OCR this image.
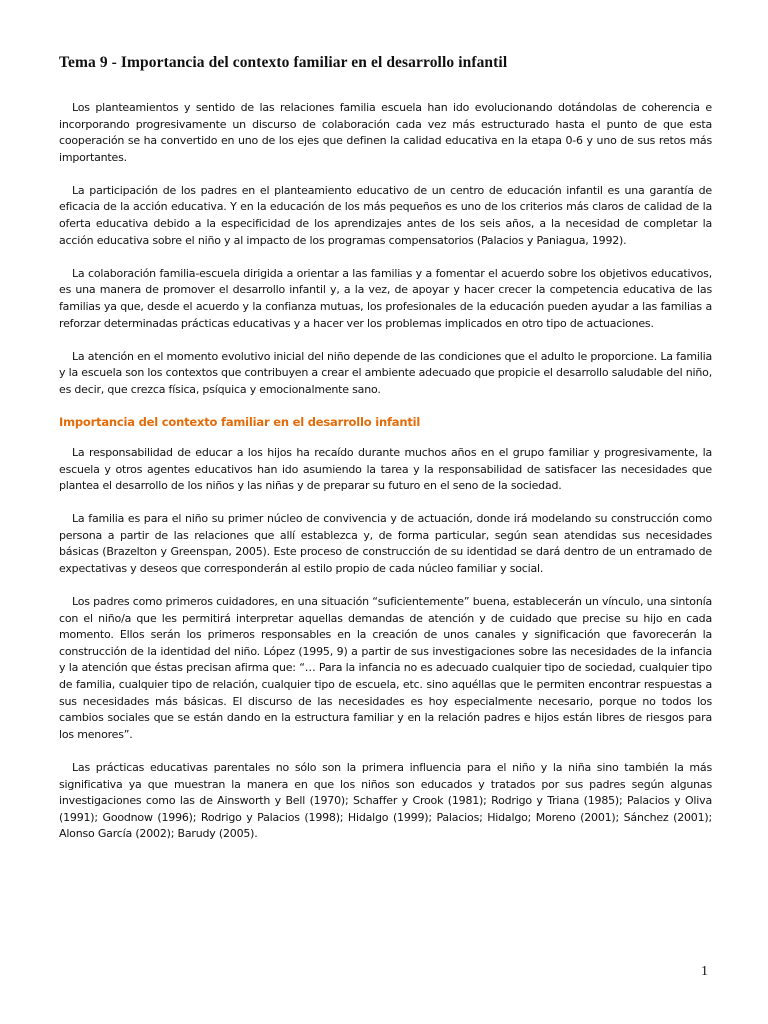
Tema 9 - Importancia del contexto familiar en el desarrollo infantil

Los planteamientos y sentido de las relaciones familia escuela han ido evolucionando dotándolas de coherencia e incorporando progresivamente un discurso de colaboración cada vez más estructurado hasta el punto de que esta cooperación se ha convertido en uno de los ejes que definen la calidad educativa en la etapa 0-6 y uno de sus retos más importantes.

La participación de los padres en el planteamiento educativo de un centro de educación infantil es una garantía de eficacia de la acción educativa. Y en la educación de los más pequeños es uno de los criterios más claros de calidad de la oferta educativa debido a la especificidad de los aprendizajes antes de los seis años, a la necesidad de completar la acción educativa sobre el niño y al impacto de los programas compensatorios (Palacios y Paniagua, 1992).

La colaboración familia-escuela dirigida a orientar a las familias y a fomentar el acuerdo sobre los objetivos educativos, es una manera de promover el desarrollo infantil y, a la vez, de apoyar y hacer crecer la competencia educativa de las familias ya que, desde el acuerdo y la confianza mutuas, los profesionales de la educación pueden ayudar a las familias a reforzar determinadas prácticas educativas y a hacer ver los problemas implicados en otro tipo de actuaciones.

La atención en el momento evolutivo inicial del niño depende de las condiciones que el adulto le proporcione. La familia y la escuela son los contextos que contribuyen a crear el ambiente adecuado que propicie el desarrollo saludable del niño, es decir, que crezca física, psíquica y emocionalmente sano.

Importancia del contexto familiar en el desarrollo infantil

La responsabilidad de educar a los hijos ha recaído durante muchos años en el grupo familiar y progresivamente, la escuela y otros agentes educativos han ido asumiendo la tarea y la responsabilidad de satisfacer las necesidades que plantea el desarrollo de los niños y las niñas y de preparar su futuro en el seno de la sociedad.

La familia es para el niño su primer núcleo de convivencia y de actuación, donde irá modelando su construcción como persona a partir de las relaciones que allí establezca y, de forma particular, según sean atendidas sus necesidades básicas (Brazelton y Greenspan, 2005). Este proceso de construcción de su identidad se dará dentro de un entramado de expectativas y deseos que corresponderán al estilo propio de cada núcleo familiar y social.

Los padres como primeros cuidadores, en una situación “suficientemente” buena, establecerán un vínculo, una sintonía con el niño/a que les permitirá interpretar aquellas demandas de atención y de cuidado que precise su hijo en cada momento. Ellos serán los primeros responsables en la creación de unos canales y significación que favorecerán la construcción de la identidad del niño. López (1995, 9) a partir de sus investigaciones sobre las necesidades de la infancia y la atención que éstas precisan afirma que: “… Para la infancia no es adecuado cualquier tipo de sociedad, cualquier tipo de familia, cualquier tipo de relación, cualquier tipo de escuela, etc. sino aquéllas que le permiten encontrar respuestas a sus necesidades más básicas. El discurso de las necesidades es hoy especialmente necesario, porque no todos los cambios sociales que se están dando en la estructura familiar y en la relación padres e hijos están libres de riesgos para los menores”.

Las prácticas educativas parentales no sólo son la primera influencia para el niño y la niña sino también la más significativa ya que muestran la manera en que los niños son educados y tratados por sus padres según algunas investigaciones como las de Ainsworth y Bell (1970); Schaffer y Crook (1981); Rodrigo y Triana (1985); Palacios y Oliva (1991); Goodnow (1996); Rodrigo y Palacios (1998); Hidalgo (1999); Palacios; Hidalgo; Moreno (2001); Sánchez (2001); Alonso García (2002); Barudy (2005).

1
